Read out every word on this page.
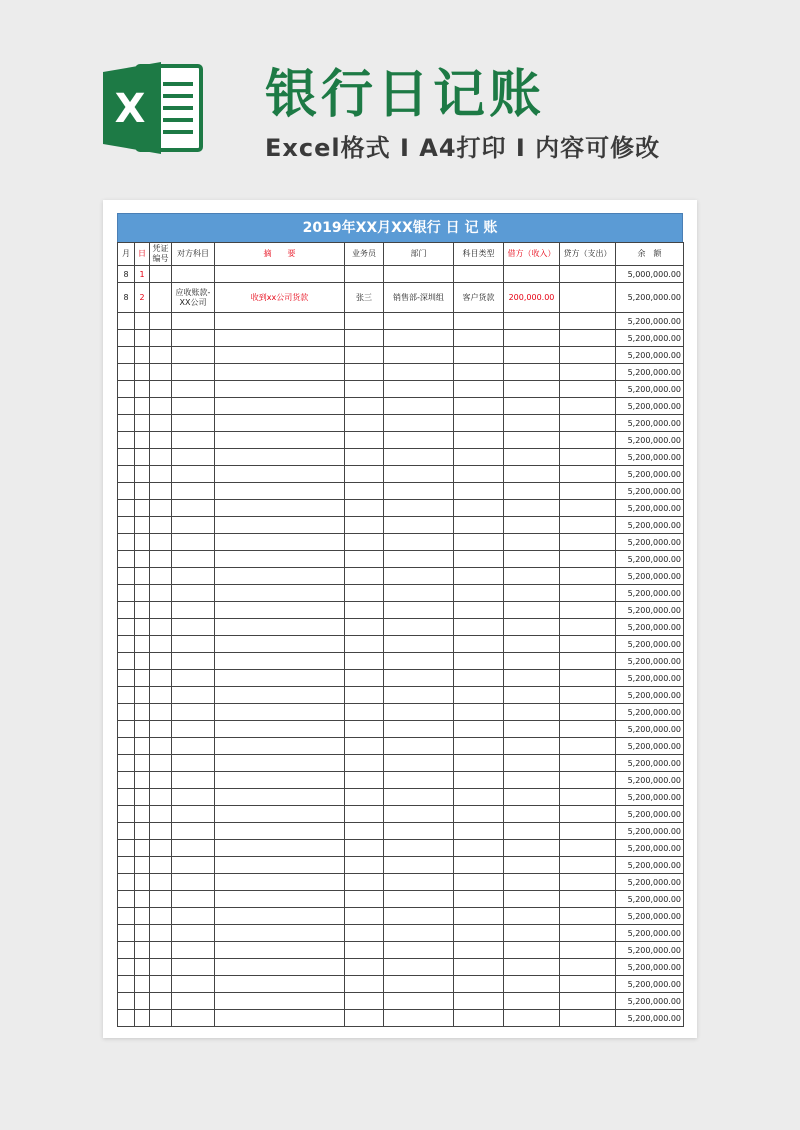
X 银行日记账
Excel格式 I A4打印 I 内容可修改
2019年XX月XX银行 日 记 账
月	日	凭证编号	对方科目	摘　　要	业务员	部门	科目类型	借方（收入）	贷方（支出）	余　额
8	1									5,000,000.00
8	2		应收账款-XX公司	收到xx公司货款	张三	销售部-深圳组	客户货款	200,000.00		5,200,000.00
										5,200,000.00
										5,200,000.00
										5,200,000.00
										5,200,000.00
										5,200,000.00
										5,200,000.00
										5,200,000.00
										5,200,000.00
										5,200,000.00
										5,200,000.00
										5,200,000.00
										5,200,000.00
										5,200,000.00
										5,200,000.00
										5,200,000.00
										5,200,000.00
										5,200,000.00
										5,200,000.00
										5,200,000.00
										5,200,000.00
										5,200,000.00
										5,200,000.00
										5,200,000.00
										5,200,000.00
										5,200,000.00
										5,200,000.00
										5,200,000.00
										5,200,000.00
										5,200,000.00
										5,200,000.00
										5,200,000.00
										5,200,000.00
										5,200,000.00
										5,200,000.00
										5,200,000.00
										5,200,000.00
										5,200,000.00
										5,200,000.00
										5,200,000.00
										5,200,000.00
										5,200,000.00
										5,200,000.00
